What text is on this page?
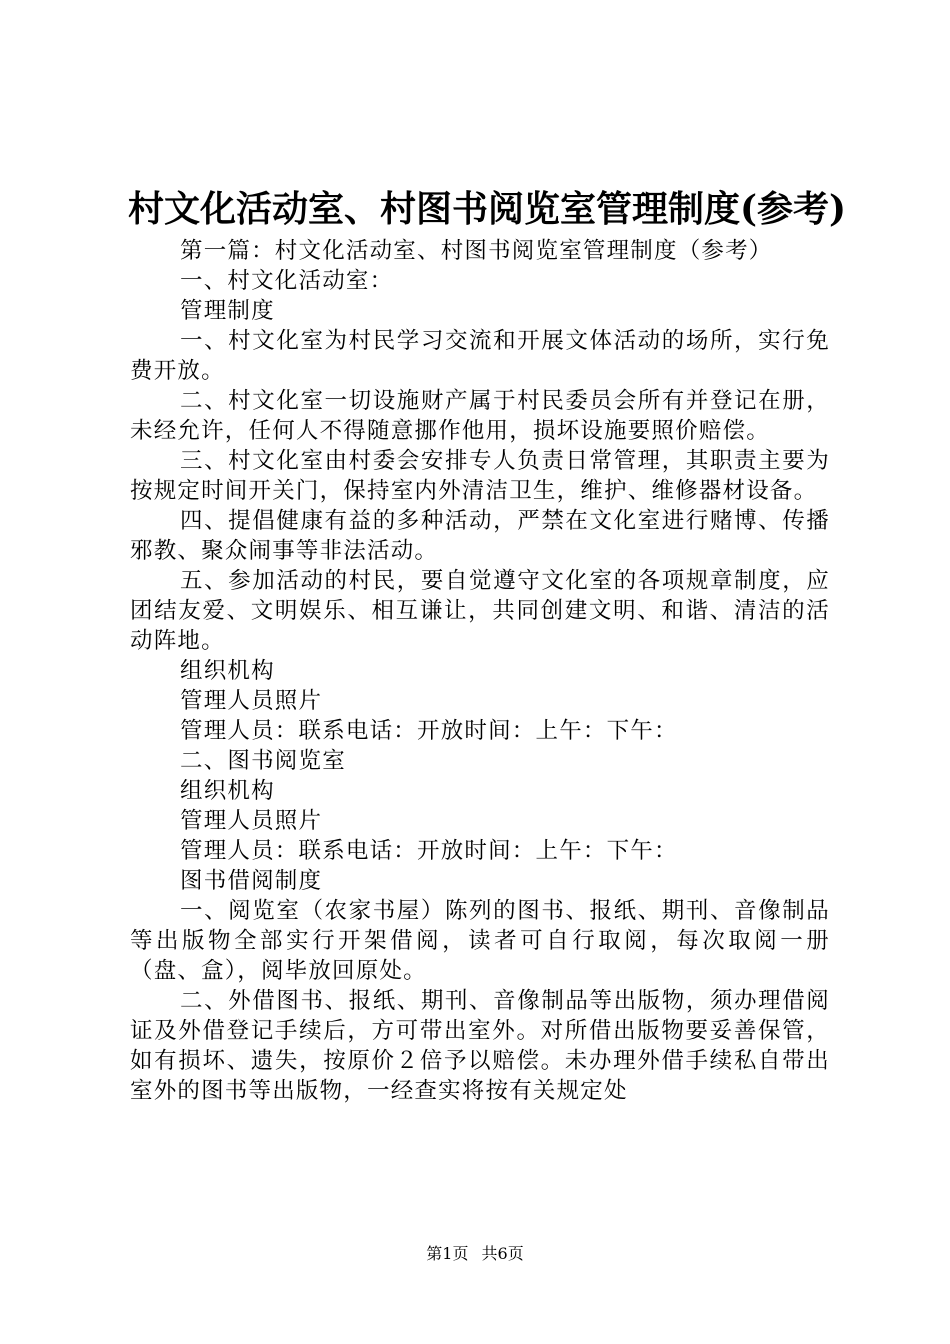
村文化活动室、村图书阅览室管理制度(参考)

第一篇：村文化活动室、村图书阅览室管理制度（参考）

一、村文化活动室：

管理制度

一、村文化室为村民学习交流和开展文体活动的场所，实行免费开放。

二、村文化室一切设施财产属于村民委员会所有并登记在册，未经允许，任何人不得随意挪作他用，损坏设施要照价赔偿。

三、村文化室由村委会安排专人负责日常管理，其职责主要为按规定时间开关门，保持室内外清洁卫生，维护、维修器材设备。

四、提倡健康有益的多种活动，严禁在文化室进行赌博、传播邪教、聚众闹事等非法活动。

五、参加活动的村民，要自觉遵守文化室的各项规章制度，应团结友爱、文明娱乐、相互谦让，共同创建文明、和谐、清洁的活动阵地。

组织机构

管理人员照片

管理人员：联系电话：开放时间：上午：下午：

二、图书阅览室

组织机构

管理人员照片

管理人员：联系电话：开放时间：上午：下午：

图书借阅制度

一、阅览室（农家书屋）陈列的图书、报纸、期刊、音像制品等出版物全部实行开架借阅，读者可自行取阅，每次取阅一册（盘、盒），阅毕放回原处。

二、外借图书、报纸、期刊、音像制品等出版物，须办理借阅证及外借登记手续后，方可带出室外。对所借出版物要妥善保管，如有损坏、遗失，按原价２倍予以赔偿。未办理外借手续私自带出室外的图书等出版物，一经查实将按有关规定处

第1页 共6页
